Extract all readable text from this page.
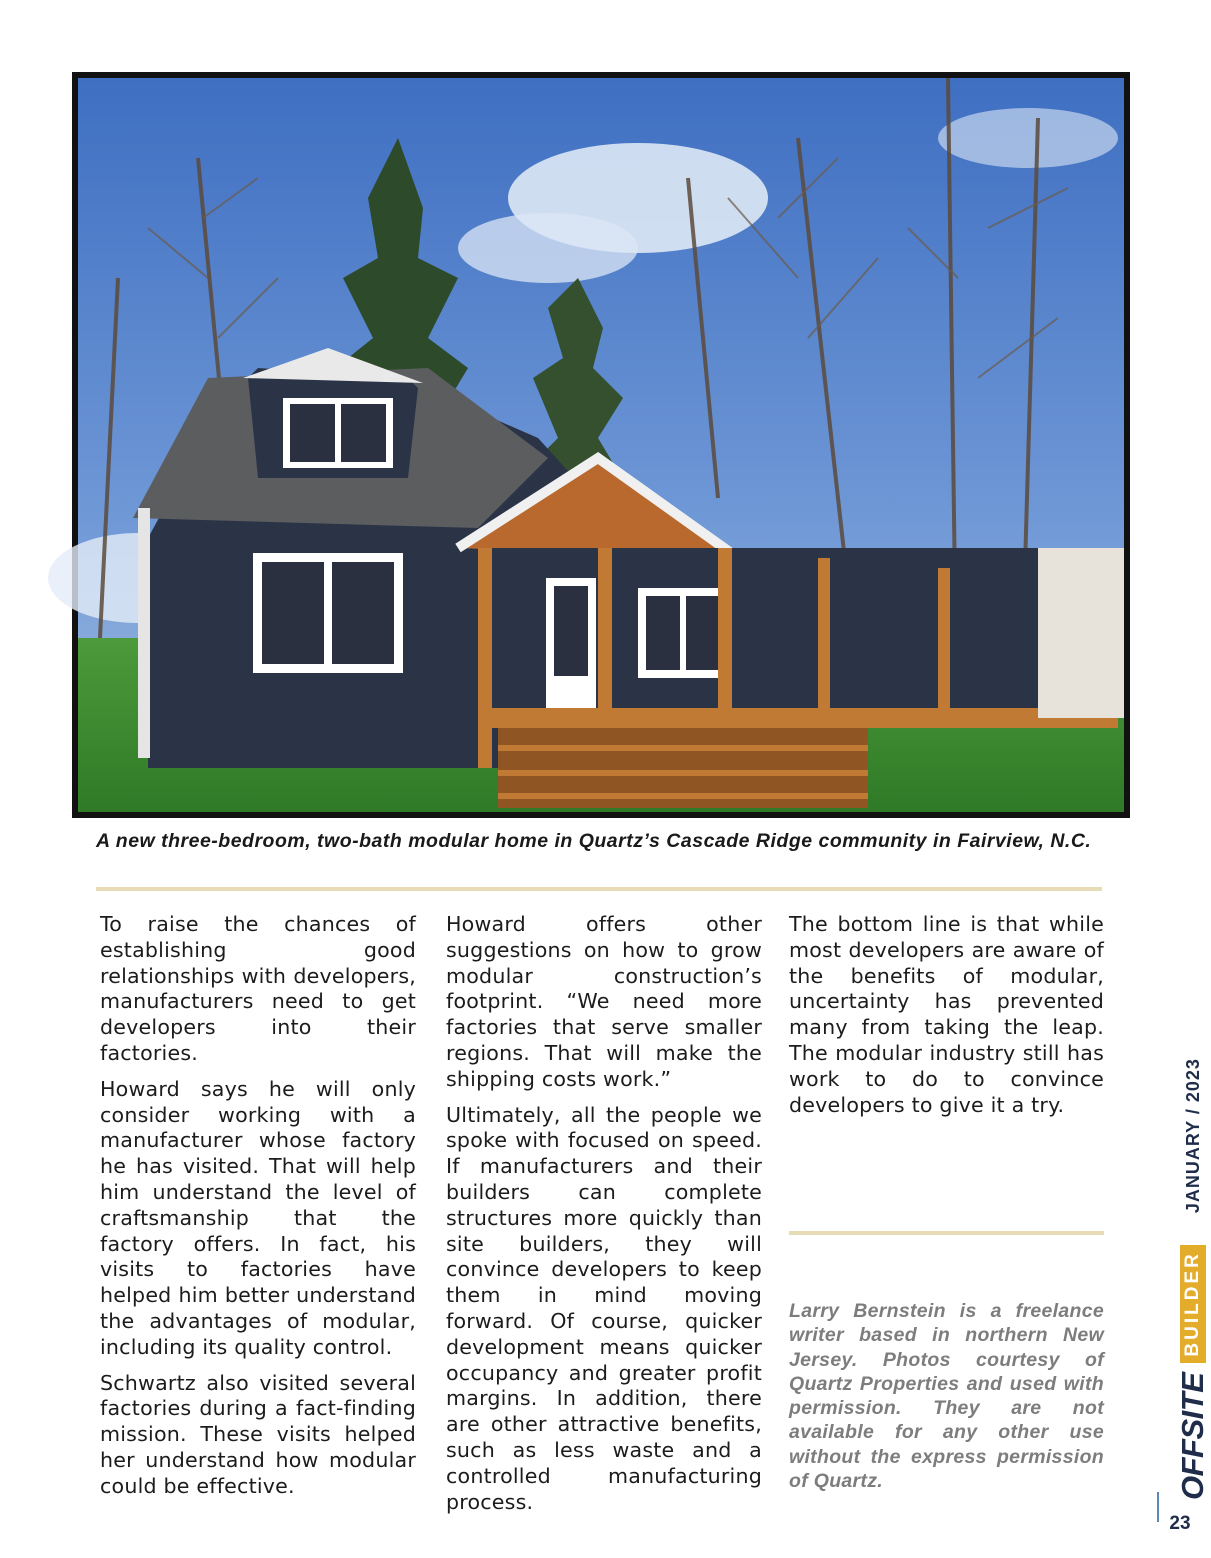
A new three-bedroom, two-bath modular home in Quartz’s Cascade Ridge community in Fairview, N.C.

To raise the chances of establishing good relationships with developers, manufacturers need to get developers into their factories.

Howard says he will only consider working with a manufacturer whose factory he has visited. That will help him understand the level of craftsmanship that the factory offers. In fact, his visits to factories have helped him better understand the advantages of modular, including its quality control.

Schwartz also visited several factories during a fact-finding mission. These visits helped her understand how modular could be effective.

Howard offers other suggestions on how to grow modular construction’s footprint. “We need more factories that serve smaller regions. That will make the shipping costs work.”

Ultimately, all the people we spoke with focused on speed. If manufacturers and their builders can complete structures more quickly than site builders, they will convince developers to keep them in mind moving forward. Of course, quicker development means quicker occupancy and greater profit margins. In addition, there are other attractive benefits, such as less waste and a controlled manufacturing process.

The bottom line is that while most developers are aware of the benefits of modular, uncertainty has prevented many from taking the leap. The modular industry still has work to do to convince developers to give it a try.

Larry Bernstein is a freelance writer based in northern New Jersey. Photos courtesy of Quartz Properties and used with permission. They are not available for any other use without the express permission of Quartz.	OFFSITE
BUILDER
JANUARY / 2023
23
